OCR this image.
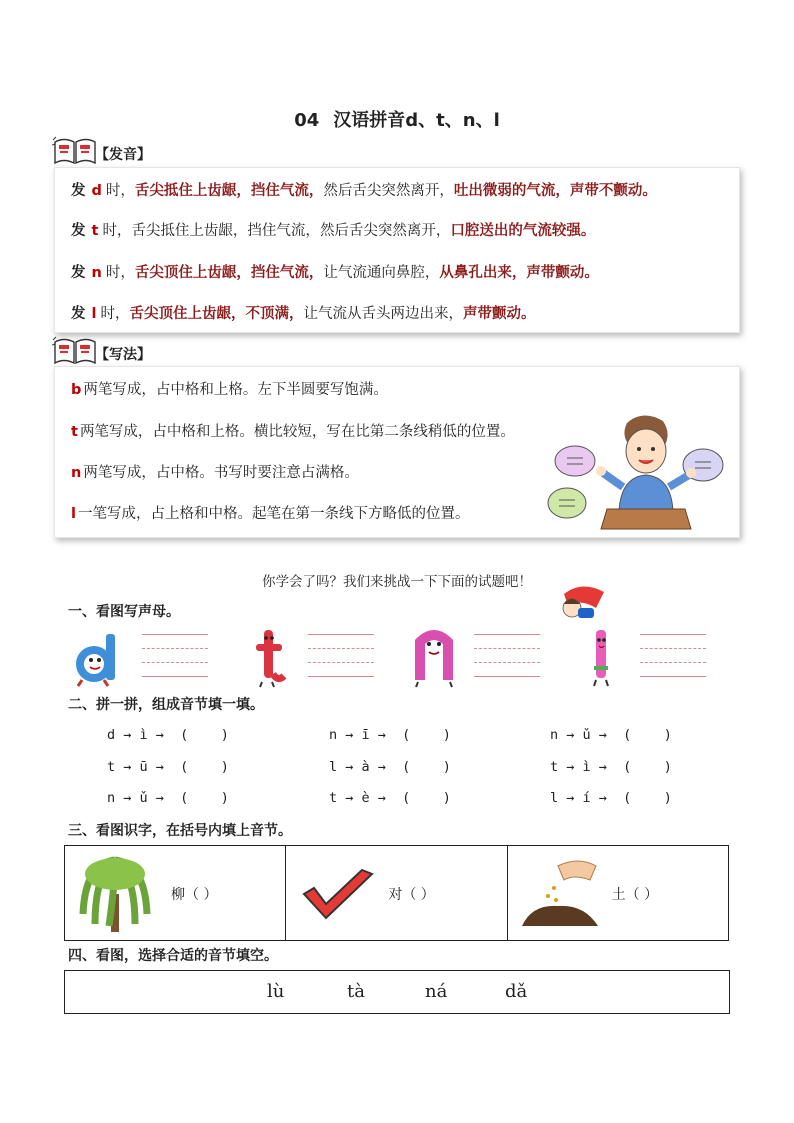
04 汉语拼音d、t、n、l
【发音】
发 d 时，舌尖抵住上齿龈，挡住气流，然后舌尖突然离开，吐出微弱的气流，声带不颤动。
发 t 时，舌尖抵住上齿龈，挡住气流，然后舌尖突然离开，口腔送出的气流较强。
发 n 时，舌尖顶住上齿龈，挡住气流，让气流通向鼻腔，从鼻孔出来，声带颤动。
发 l 时，舌尖顶住上齿龈，不顶满，让气流从舌头两边出来，声带颤动。
【写法】
b 两笔写成，占中格和上格。左下半圆要写饱满。
t 两笔写成，占中格和上格。横比较短，写在比第二条线稍低的位置。
n 两笔写成，占中格。书写时要注意占满格。
l 一笔写成，占上格和中格。起笔在第一条线下方略低的位置。
你学会了吗？我们来挑战一下下面的试题吧！
一、看图写声母。
二、拼一拼，组成音节填一填。
d → ì →  (    )	n → ī →  (    )	n → ǔ →  (    )
t → ū →  (    )	l → à →  (    )	t → ì →  (    )
n → ǔ →  (    )	t → è →  (    )	l → í →  (    )
三、看图识字，在括号内填上音节。
柳（ ）	对（ ）	土（ ）
四、看图，选择合适的音节填空。
lù	tà	ná	dǎ
